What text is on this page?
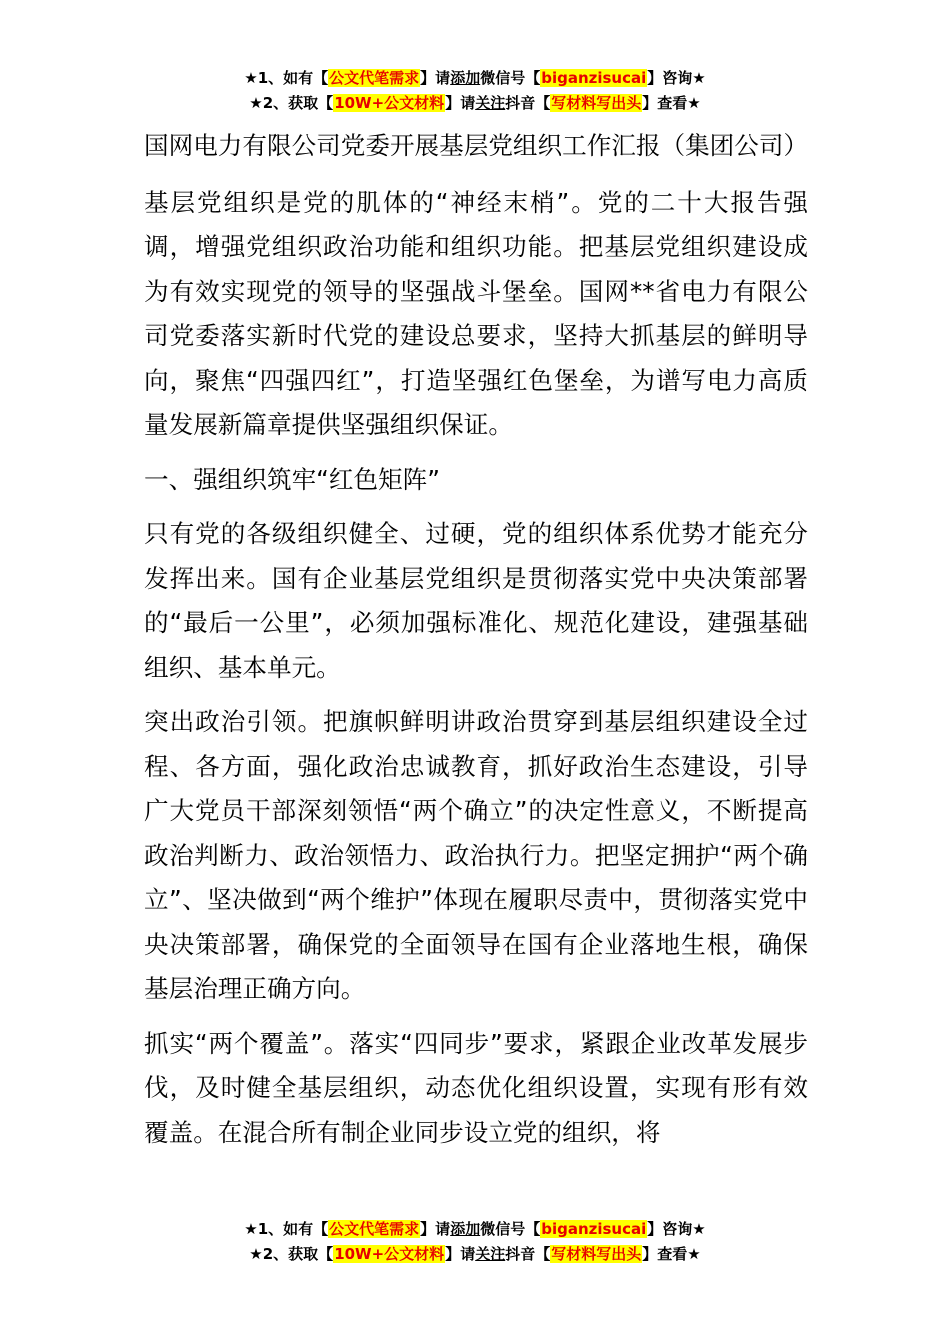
★1、如有【公文代笔需求】请添加微信号【biganzisucai】咨询★
★2、获取【10W+公文材料】请关注抖音【写材料写出头】查看★

国网电力有限公司党委开展基层党组织工作汇报（集团公司）

基层党组织是党的肌体的“神经末梢”。党的二十大报告强调，增强党组织政治功能和组织功能。把基层党组织建设成为有效实现党的领导的坚强战斗堡垒。国网**省电力有限公司党委落实新时代党的建设总要求，坚持大抓基层的鲜明导向，聚焦“四强四红”，打造坚强红色堡垒，为谱写电力高质量发展新篇章提供坚强组织保证。

一、强组织筑牢“红色矩阵”

只有党的各级组织健全、过硬，党的组织体系优势才能充分发挥出来。国有企业基层党组织是贯彻落实党中央决策部署的“最后一公里”，必须加强标准化、规范化建设，建强基础组织、基本单元。

突出政治引领。把旗帜鲜明讲政治贯穿到基层组织建设全过程、各方面，强化政治忠诚教育，抓好政治生态建设，引导广大党员干部深刻领悟“两个确立”的决定性意义，不断提高政治判断力、政治领悟力、政治执行力。把坚定拥护“两个确立”、坚决做到“两个维护”体现在履职尽责中，贯彻落实党中央决策部署，确保党的全面领导在国有企业落地生根，确保基层治理正确方向。

抓实“两个覆盖”。落实“四同步”要求，紧跟企业改革发展步伐，及时健全基层组织，动态优化组织设置，实现有形有效覆盖。在混合所有制企业同步设立党的组织，将

★1、如有【公文代笔需求】请添加微信号【biganzisucai】咨询★
★2、获取【10W+公文材料】请关注抖音【写材料写出头】查看★
